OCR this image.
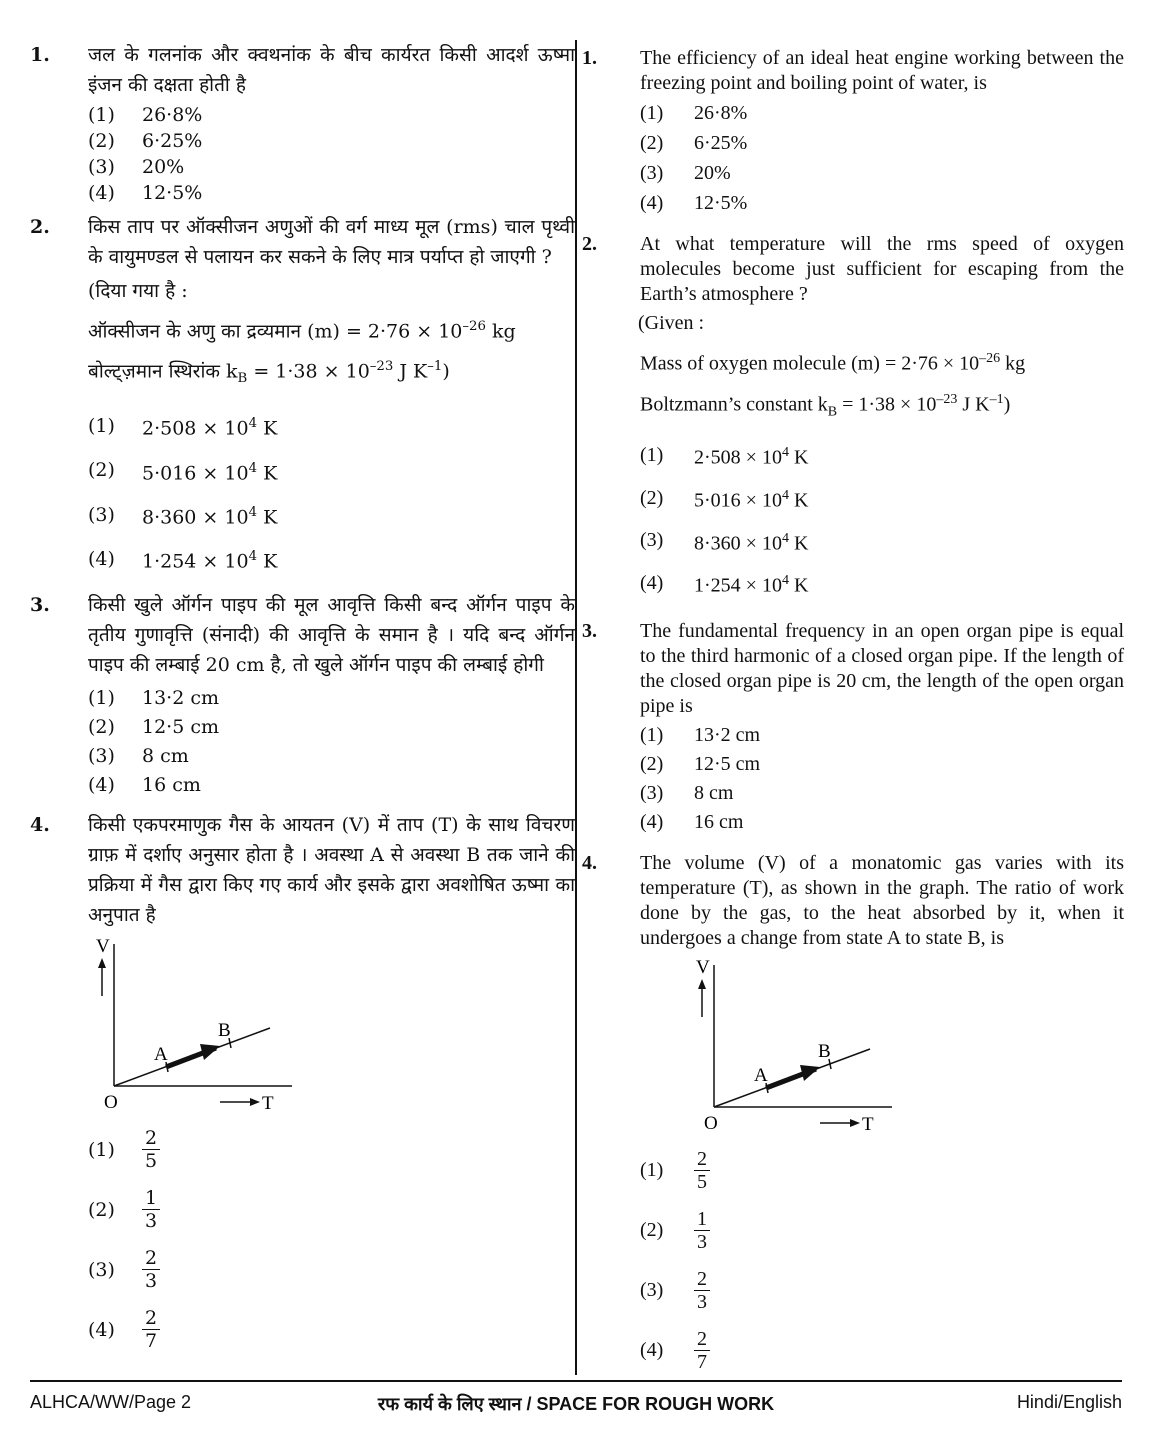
1. जल के गलनांक और क्वथनांक के बीच कार्यरत किसी आदर्श ऊष्मा इंजन की दक्षता होती है

(1)	26·8%
(2)	6·25%
(3)	20%
(4)	12·5%
2. किस ताप पर ऑक्सीजन अणुओं की वर्ग माध्य मूल (rms) चाल पृथ्वी के वायुमण्डल से पलायन कर सकने के लिए मात्र पर्याप्त हो जाएगी ?

(दिया गया है :
ऑक्सीजन के अणु का द्रव्यमान $(m) = 2\cdot 76 \times 10^{-26}$ kg
बोल्ट्ज़मान स्थिरांक $k_B = 1\cdot 38 \times 10^{-23}$ J $K^{-1}$)
(1)	$2\cdot 508 \times 10^4$ K
(2)	$5\cdot 016 \times 10^4$ K
(3)	$8\cdot 360 \times 10^4$ K
(4)	$1\cdot 254 \times 10^4$ K
3. किसी खुले ऑर्गन पाइप की मूल आवृत्ति किसी बन्द ऑर्गन पाइप के तृतीय गुणावृत्ति (संनादी) की आवृत्ति के समान है । यदि बन्द ऑर्गन पाइप की लम्बाई 20 cm है, तो खुले ऑर्गन पाइप की लम्बाई होगी

(1)	13·2 cm
(2)	12·5 cm
(3)	8 cm
(4)	16 cm
4. किसी एकपरमाणुक गैस के आयतन (V) में ताप (T) के साथ विचरण ग्राफ़ में दर्शाए अनुसार होता है । अवस्था A से अवस्था B तक जाने की प्रक्रिया में गैस द्वारा किए गए कार्य और इसके द्वारा अवशोषित ऊष्मा का अनुपात है

V
A
B
O	T
(1)	$\frac{2}{5}$
(2)	$\frac{1}{3}$
(3)	$\frac{2}{3}$
(4)	$\frac{2}{7}$
1. The efficiency of an ideal heat engine working between the freezing point and boiling point of water, is

(1)	26·8%
(2)	6·25%
(3)	20%
(4)	12·5%
2. At what temperature will the rms speed of oxygen molecules become just sufficient for escaping from the Earth’s atmosphere ?

(Given :
Mass of oxygen molecule $(m) = 2\cdot 76 \times 10^{-26}$ kg
Boltzmann’s constant $k_B = 1\cdot 38 \times 10^{-23}$ J $K^{-1}$)
(1)	$2\cdot 508 \times 10^4$ K
(2)	$5\cdot 016 \times 10^4$ K
(3)	$8\cdot 360 \times 10^4$ K
(4)	$1\cdot 254 \times 10^4$ K
3. The fundamental frequency in an open organ pipe is equal to the third harmonic of a closed organ pipe. If the length of the closed organ pipe is 20 cm, the length of the open organ pipe is

(1)	13·2 cm
(2)	12·5 cm
(3)	8 cm
(4)	16 cm
4. The volume (V) of a monatomic gas varies with its temperature (T), as shown in the graph. The ratio of work done by the gas, to the heat absorbed by it, when it undergoes a change from state A to state B, is

V
A
B
O	T
(1)	$\frac{2}{5}$
(2)	$\frac{1}{3}$
(3)	$\frac{2}{3}$
(4)	$\frac{2}{7}$
ALHCA/WW/Page 2	रफ कार्य के लिए स्थान / SPACE FOR ROUGH WORK	Hindi/English
